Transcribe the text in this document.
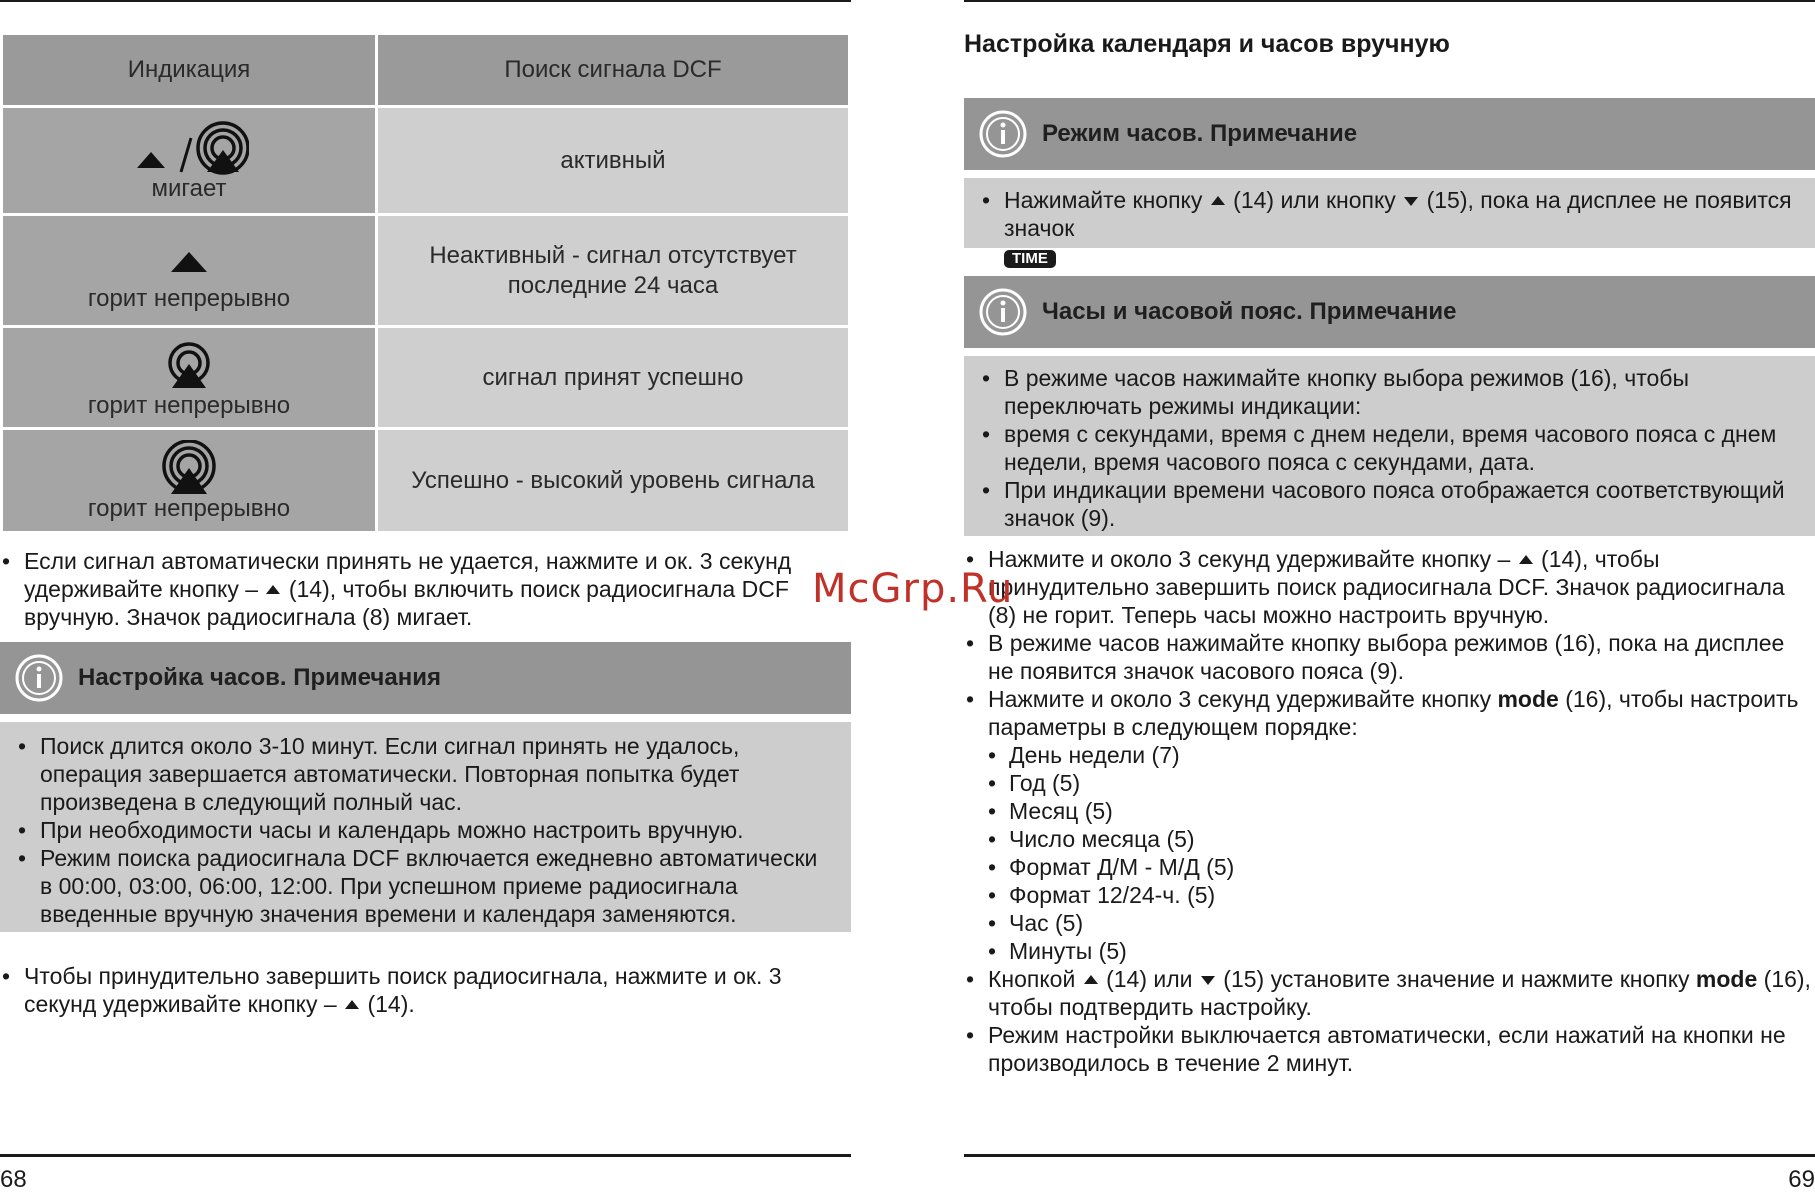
Индикация	Поиск сигнала DCF

мигает	активный

горит непрерывно	Неактивный - сигнал отсутствует последние 24 часа

горит непрерывно	сигнал принят успешно

горит непрерывно	Успешно - высокий уровень сигнала
• Если сигнал автоматически принять не удается, нажмите и ок. 3 секунд удерживайте кнопку – (14), чтобы включить поиск радиосигнала DCF вручную. Значок радиосигнала (8) мигает.
Настройка часов. Примечания
• Поиск длится около 3-10 минут. Если сигнал принять не удалось, операция завершается автоматически. Повторная попытка будет произведена в следующий полный час.
• При необходимости часы и календарь можно настроить вручную.
• Режим поиска радиосигнала DCF включается ежедневно автоматически в 00:00, 03:00, 06:00, 12:00. При успешном приеме радиосигнала введенные вручную значения времени и календаря заменяются.
• Чтобы принудительно завершить поиск радиосигнала, нажмите и ок. 3 секунд удерживайте кнопку – (14).
68
Настройка календаря и часов вручную
Режим часов. Примечание
• Нажимайте кнопку (14) или кнопку (15), пока на дисплее не появится значок
TIME
Часы и часовой пояс. Примечание
• В режиме часов нажимайте кнопку выбора режимов (16), чтобы переключать режимы индикации:
• время с секундами, время с днем недели, время часового пояса с днем недели, время часового пояса с секундами, дата.
• При индикации времени часового пояса отображается соответствующий значок (9).
• Нажмите и около 3 секунд удерживайте кнопку – (14), чтобы принудительно завершить поиск радиосигнала DCF. Значок радиосигнала (8) не горит. Теперь часы можно настроить вручную.
• В режиме часов нажимайте кнопку выбора режимов (16), пока на дисплее не появится значок часового пояса (9).
• Нажмите и около 3 секунд удерживайте кнопку mode (16), чтобы настроить параметры в следующем порядке:
• День недели (7)
• Год (5)
• Месяц (5)
• Число месяца (5)
• Формат Д/М - М/Д (5)
• Формат 12/24-ч. (5)
• Час (5)
• Минуты (5)
• Кнопкой (14) или (15) установите значение и нажмите кнопку mode (16), чтобы подтвердить настройку.
• Режим настройки выключается автоматически, если нажатий на кнопки не производилось в течение 2 минут.
69
McGrp.Ru
